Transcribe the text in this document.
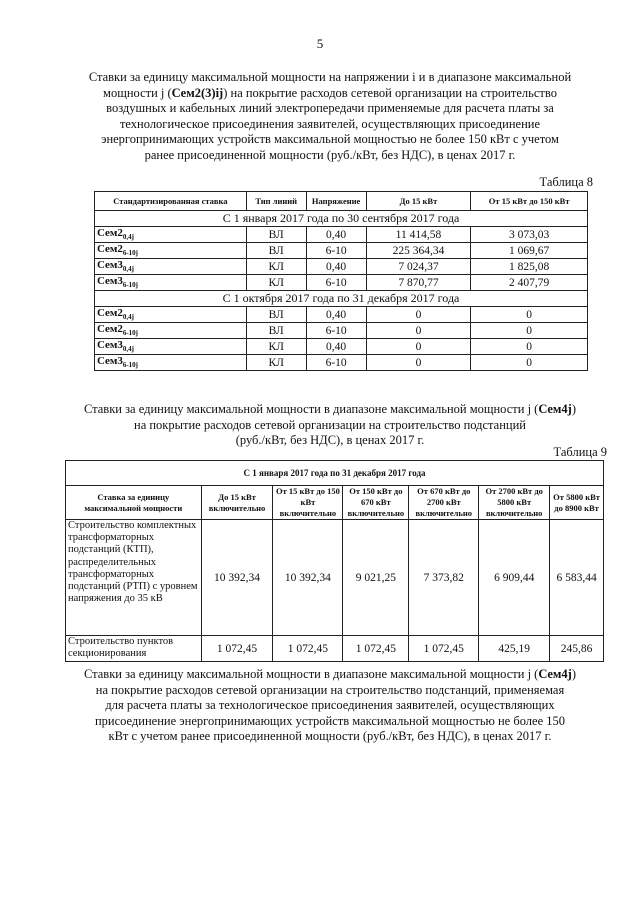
5
Ставки за единицу максимальной мощности на напряжении i и в диапазоне максимальной
мощности j (Cем2(3)ij) на покрытие расходов сетевой организации на строительство
воздушных и кабельных линий электропередачи применяемые для расчета платы за
технологическое присоединения заявителей, осуществляющих присоединение
энергопринимающих устройств максимальной мощностью не более 150 кВт с учетом
ранее присоединенной мощности (руб./кВт, без НДС), в ценах 2017 г.
Таблица 8
Стандартизированная ставка	Тип линий	Напряжение	До 15 кВт	От 15 кВт до 150 кВт
С 1 января 2017 года по 30 сентября 2017 года				
$Cем2_{0,4j}$	ВЛ	0,40	11 414,58	3 073,03
$Cем2_{6-10j}$	ВЛ	6-10	225 364,34	1 069,67
$Cем3_{0,4j}$	КЛ	0,40	7 024,37	1 825,08
$Cем3_{6-10j}$	КЛ	6-10	7 870,77	2 407,79
С 1 октября 2017 года по 31 декабря 2017 года				
$Cем2_{0,4j}$	ВЛ	0,40	0	0
$Cем2_{6-10j}$	ВЛ	6-10	0	0
$Cем3_{0,4j}$	КЛ	0,40	0	0
$Cем3_{6-10j}$	КЛ	6-10	0	0
Ставки за единицу максимальной мощности в диапазоне максимальной мощности j (Cем4j)
на покрытие расходов сетевой организации на строительство подстанций
(руб./кВт, без НДС), в ценах 2017 г.
Таблица 9
С 1 января 2017 года по 31 декабря 2017 года						
Ставка за единицу максимальной мощности	До 15 кВт включительно	От 15 кВт до 150 кВт включительно	От 150 кВт до 670 кВт включительно	От 670 кВт до 2700 кВт включительно	От 2700 кВт до 5800 кВт включительно	От 5800 кВт до 8900 кВт
Строительство комплектных трансформаторных подстанций (КТП), распределительных трансформаторных подстанций (РТП) с уровнем напряжения до 35 кВ	10 392,34	10 392,34	9 021,25	7 373,82	6 909,44	6 583,44
Строительство пунктов секционирования	1 072,45	1 072,45	1 072,45	1 072,45	425,19	245,86
Ставки за единицу максимальной мощности в диапазоне максимальной мощности j (Cем4j)
на покрытие расходов сетевой организации на строительство подстанций, применяемая
для расчета платы за технологическое присоединения заявителей, осуществляющих
присоединение энергопринимающих устройств максимальной мощностью не более 150
кВт с учетом ранее присоединенной мощности (руб./кВт, без НДС), в ценах 2017 г.
